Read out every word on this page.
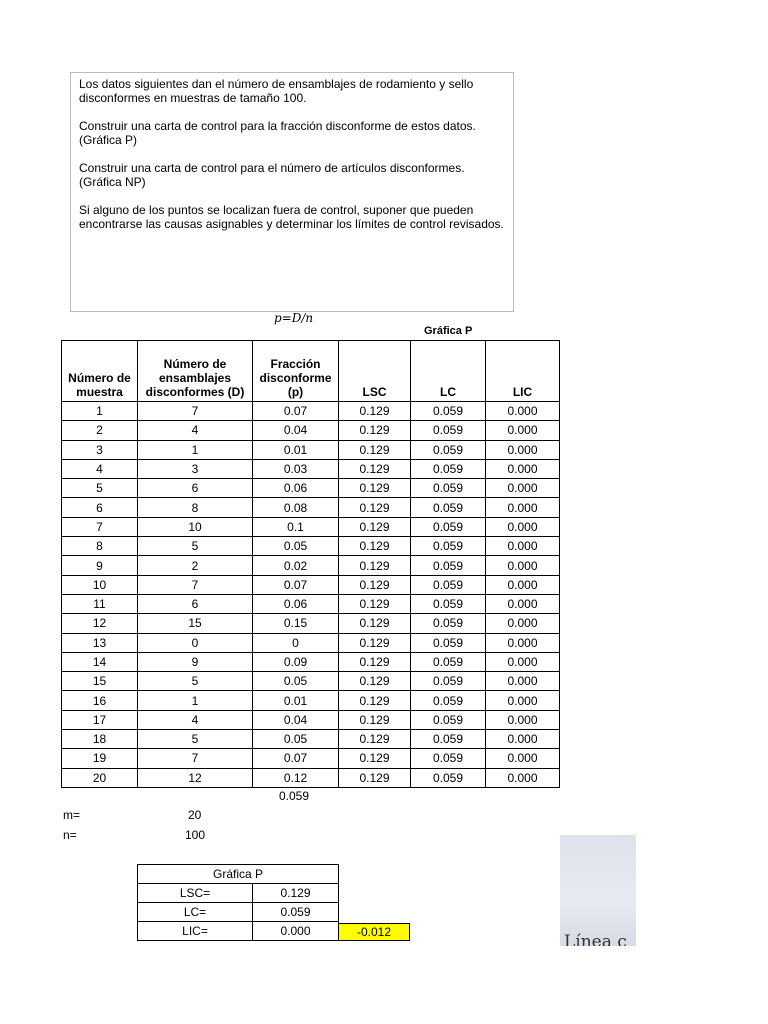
Los datos siguientes dan el número de ensamblajes de rodamiento y sello disconformes en muestras de tamaño 100.

Construir una carta de control para la fracción disconforme de estos datos. (Gráfica P)

Construir una carta de control para el número de artículos disconformes. (Gráfica NP)

Si alguno de los puntos se localizan fuera de control, suponer que pueden encontrarse las causas asignables y determinar los límites de control revisados.

p=D/n
Gráfica P
Número de muestra	Número de ensamblajes disconformes (D)	Fracción disconforme (p)	LSC	LC	LIC
1	7	0.07	0.129	0.059	0.000
2	4	0.04	0.129	0.059	0.000
3	1	0.01	0.129	0.059	0.000
4	3	0.03	0.129	0.059	0.000
5	6	0.06	0.129	0.059	0.000
6	8	0.08	0.129	0.059	0.000
7	10	0.1	0.129	0.059	0.000
8	5	0.05	0.129	0.059	0.000
9	2	0.02	0.129	0.059	0.000
10	7	0.07	0.129	0.059	0.000
11	6	0.06	0.129	0.059	0.000
12	15	0.15	0.129	0.059	0.000
13	0	0	0.129	0.059	0.000
14	9	0.09	0.129	0.059	0.000
15	5	0.05	0.129	0.059	0.000
16	1	0.01	0.129	0.059	0.000
17	4	0.04	0.129	0.059	0.000
18	5	0.05	0.129	0.059	0.000
19	7	0.07	0.129	0.059	0.000
20	12	0.12	0.129	0.059	0.000
0.059
m=	20
n=	100
Gráfica P	
LSC=	0.129
LC=	0.059
LIC=	0.000	-0.012	Línea c
